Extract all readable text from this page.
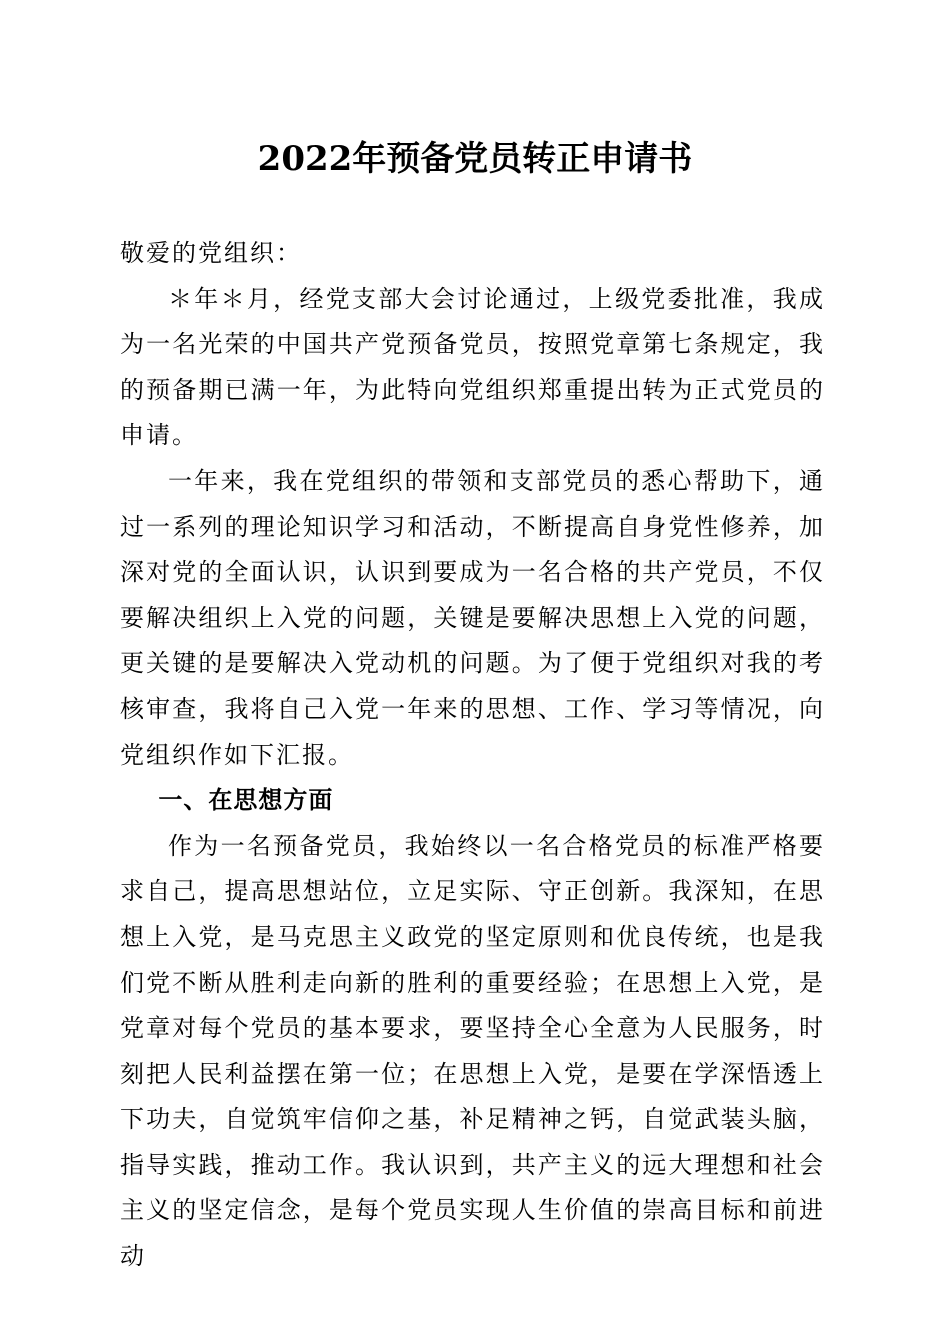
2022年预备党员转正申请书

敬爱的党组织：

＊年＊月，经党支部大会讨论通过，上级党委批准，我成为一名光荣的中国共产党预备党员，按照党章第七条规定，我的预备期已满一年，为此特向党组织郑重提出转为正式党员的申请。

一年来，我在党组织的带领和支部党员的悉心帮助下，通过一系列的理论知识学习和活动，不断提高自身党性修养，加深对党的全面认识，认识到要成为一名合格的共产党员，不仅要解决组织上入党的问题，关键是要解决思想上入党的问题，更关键的是要解决入党动机的问题。为了便于党组织对我的考核审查，我将自己入党一年来的思想、工作、学习等情况，向党组织作如下汇报。

一、在思想方面

作为一名预备党员，我始终以一名合格党员的标准严格要求自己，提高思想站位，立足实际、守正创新。我深知，在思想上入党，是马克思主义政党的坚定原则和优良传统，也是我们党不断从胜利走向新的胜利的重要经验；在思想上入党，是党章对每个党员的基本要求，要坚持全心全意为人民服务，时刻把人民利益摆在第一位；在思想上入党，是要在学深悟透上下功夫，自觉筑牢信仰之基，补足精神之钙，自觉武装头脑，指导实践，推动工作。我认识到，共产主义的远大理想和社会主义的坚定信念，是每个党员实现人生价值的崇高目标和前进动
